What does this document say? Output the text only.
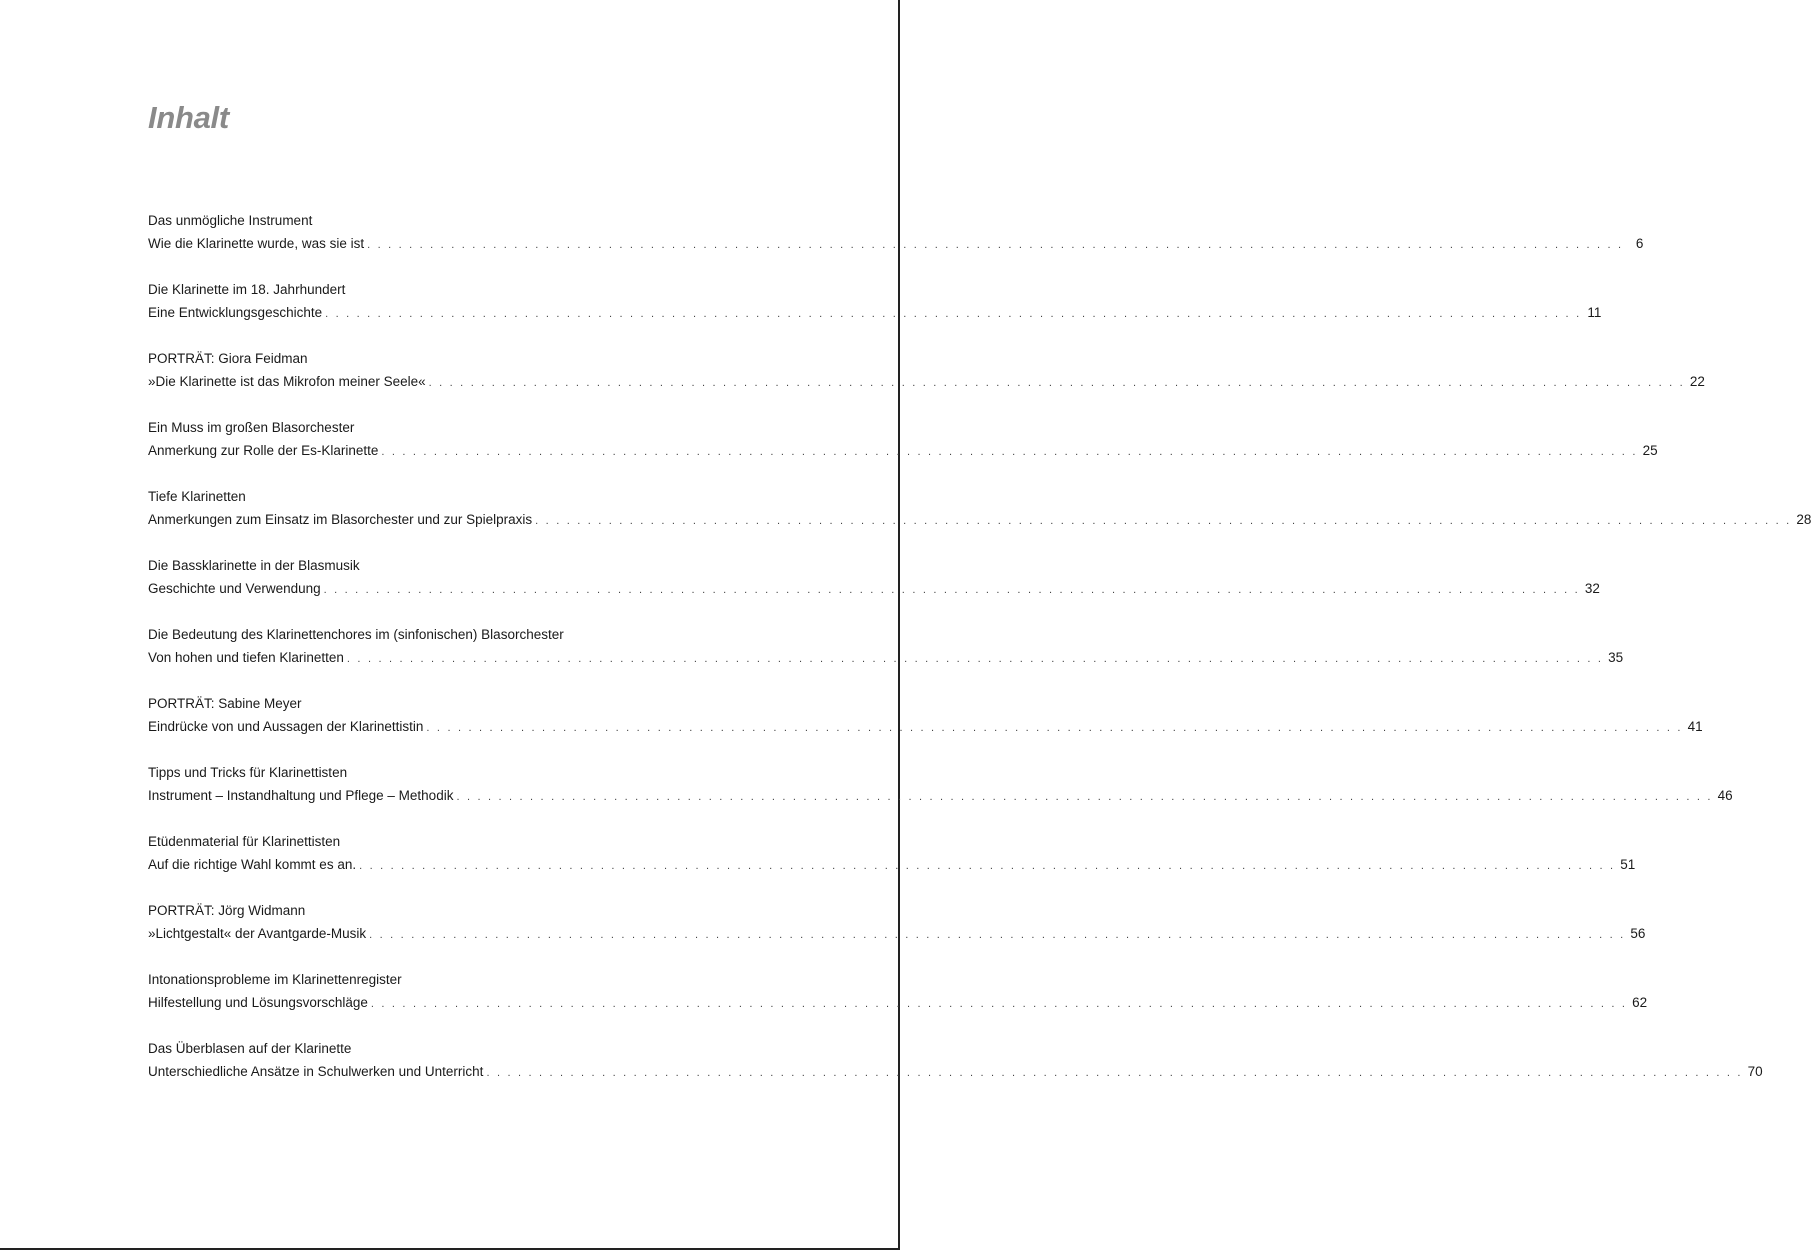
Inhalt
Das unmögliche Instrument
Wie die Klarinette wurde, was sie ist . . . . . . . . . . . . . . . . . . . . . . . . . . . . . . . . . . . . . . . . . . . . . . . . . . . . . . . . . . . . . . . . . . . . . . . . . . . . . . . . . . . . . . . . . . . . . . . . . . . . . . . . . . . . . . . . . . . . . . . . 6
Die Klarinette im 18. Jahrhundert
Eine Entwicklungsgeschichte . . . . . . . . . . . . . . . . . . . . . . . . . . . . . . . . . . . . . . . . . . . . . . . . . . . . . . . . . . . . . . . . . . . . . . . . . . . . . . . . . . . . . . . . . . . . . . . . . . . . . . . . . . . . . . . . . . . . . . . . 11
PORTRÄT: Giora Feidman
»Die Klarinette ist das Mikrofon meiner Seele« . . . . . . . . . . . . . . . . . . . . . . . . . . . . . . . . . . . . . . . . . . . . . . . . . . . . . . . . . . . . . . . . . . . . . . . . . . . . . . . . . . . . . . . . . . . . . . . . . . . . . . . . . . . . . . . . . . . . . . . . 22
Ein Muss im großen Blasorchester
Anmerkung zur Rolle der Es-Klarinette . . . . . . . . . . . . . . . . . . . . . . . . . . . . . . . . . . . . . . . . . . . . . . . . . . . . . . . . . . . . . . . . . . . . . . . . . . . . . . . . . . . . . . . . . . . . . . . . . . . . . . . . . . . . . . . . . . . . . . . . 25
Tiefe Klarinetten
Anmerkungen zum Einsatz im Blasorchester und zur Spielpraxis . . . . . . . . . . . . . . . . . . . . . . . . . . . . . . . . . . . . . . . . . . . . . . . . . . . . . . . . . . . . . . . . . . . . . . . . . . . . . . . . . . . . . . . . . . . . . . . . . . . . . . . . . . . . . . . . . . . . . . . . 28
Die Bassklarinette in der Blasmusik
Geschichte und Verwendung . . . . . . . . . . . . . . . . . . . . . . . . . . . . . . . . . . . . . . . . . . . . . . . . . . . . . . . . . . . . . . . . . . . . . . . . . . . . . . . . . . . . . . . . . . . . . . . . . . . . . . . . . . . . . . . . . . . . . . . . 32
Die Bedeutung des Klarinettenchores im (sinfonischen) Blasorchester
Von hohen und tiefen Klarinetten . . . . . . . . . . . . . . . . . . . . . . . . . . . . . . . . . . . . . . . . . . . . . . . . . . . . . . . . . . . . . . . . . . . . . . . . . . . . . . . . . . . . . . . . . . . . . . . . . . . . . . . . . . . . . . . . . . . . . . . . 35
PORTRÄT: Sabine Meyer
Eindrücke von und Aussagen der Klarinettistin . . . . . . . . . . . . . . . . . . . . . . . . . . . . . . . . . . . . . . . . . . . . . . . . . . . . . . . . . . . . . . . . . . . . . . . . . . . . . . . . . . . . . . . . . . . . . . . . . . . . . . . . . . . . . . . . . . . . . . . . 41
Tipps und Tricks für Klarinettisten
Instrument – Instandhaltung und Pflege – Methodik . . . . . . . . . . . . . . . . . . . . . . . . . . . . . . . . . . . . . . . . . . . . . . . . . . . . . . . . . . . . . . . . . . . . . . . . . . . . . . . . . . . . . . . . . . . . . . . . . . . . . . . . . . . . . . . . . . . . . . . . 46
Etüdenmaterial für Klarinettisten
Auf die richtige Wahl kommt es an. . . . . . . . . . . . . . . . . . . . . . . . . . . . . . . . . . . . . . . . . . . . . . . . . . . . . . . . . . . . . . . . . . . . . . . . . . . . . . . . . . . . . . . . . . . . . . . . . . . . . . . . . . . . . . . . . . . . . . . . . 51
PORTRÄT: Jörg Widmann
»Lichtgestalt« der Avantgarde-Musik . . . . . . . . . . . . . . . . . . . . . . . . . . . . . . . . . . . . . . . . . . . . . . . . . . . . . . . . . . . . . . . . . . . . . . . . . . . . . . . . . . . . . . . . . . . . . . . . . . . . . . . . . . . . . . . . . . . . . . . . 56
Intonationsprobleme im Klarinettenregister
Hilfestellung und Lösungsvorschläge . . . . . . . . . . . . . . . . . . . . . . . . . . . . . . . . . . . . . . . . . . . . . . . . . . . . . . . . . . . . . . . . . . . . . . . . . . . . . . . . . . . . . . . . . . . . . . . . . . . . . . . . . . . . . . . . . . . . . . . . 62
Das Überblasen auf der Klarinette
Unterschiedliche Ansätze in Schulwerken und Unterricht . . . . . . . . . . . . . . . . . . . . . . . . . . . . . . . . . . . . . . . . . . . . . . . . . . . . . . . . . . . . . . . . . . . . . . . . . . . . . . . . . . . . . . . . . . . . . . . . . . . . . . . . . . . . . . . . . . . . . . . . 70
